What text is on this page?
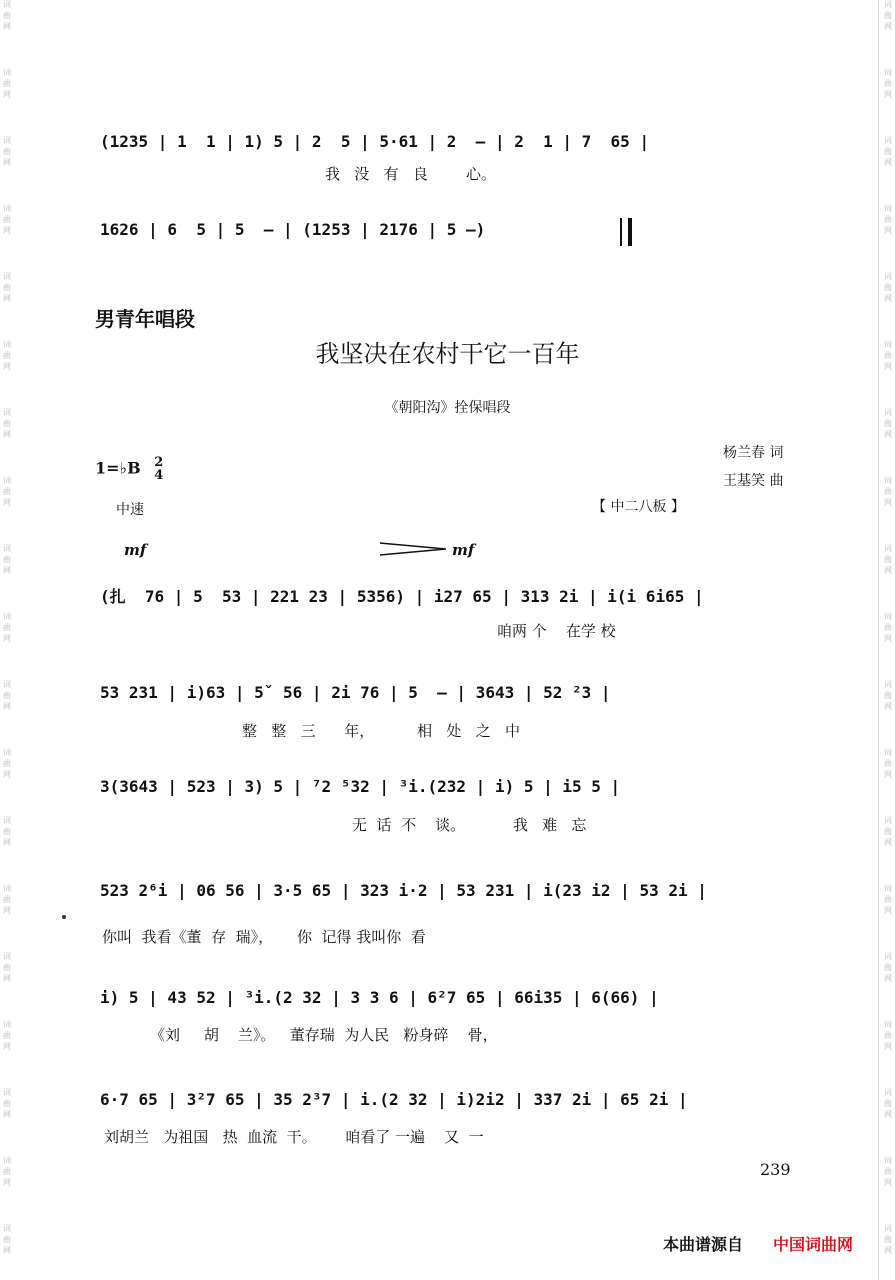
词
曲
网
词
曲
网
词
曲
网
词
曲
网
词
曲
网
词
曲
网
词
曲
网
词
曲
网
词
曲
网
词
曲
网
词
曲
网
词
曲
网
词
曲
网
词
曲
网
词
曲
网
词
曲
网
词
曲
网
词
曲
网
词
曲
网
词
曲
网
词
曲
网
词
曲
网
词
曲
网
词
曲
网
词
曲
网
词
曲
网
词
曲
网
词
曲
网
词
曲
网
词
曲
网
词
曲
网
词
曲
网
词
曲
网
词
曲
网
词
曲
网
词
曲
网
词
曲
网
词
曲
网
(1235 | 1  1 | 1) 5 | 2  5 | 5·61 | 2  — | 2  1 | 7  65 |
我   没   有   良        心。
1626 | 6  5 | 5  — | (1253 | 2176 | 5 —)
男青年唱段
我坚决在农村干它一百年
《朝阳沟》拴保唱段
杨兰春 词
王基笑 曲
1=♭B 2
4
中速	【 中二八板 】
mf	mf
(扎  76 | 5  53 | 221 23 | 5356) | i27 65 | 313 2i | i(i 6i65 |
咱两 个    在学 校
53 231 | i)63 | 5ˇ 56 | 2i 76 | 5  — | 3643 | 52 ²3 |
整   整   三      年，         相   处   之   中
3(3643 | 523 | 3) 5 | ⁷2 ⁵32 | ³i.(232 | i) 5 | i5 5 |
无  话  不    谈。          我   难   忘
523 2⁶i | 06 56 | 3·5 65 | 323 i·2 | 53 231 | i(23 i2 | 53 2i |
你叫  我看《董  存  瑞》，     你  记得 我叫你  看
i) 5 | 43 52 | ³i.(2 32 | 3 3 6 | 6²7 65 | 66i35 | 6(66) |
《刘     胡    兰》。   董存瑞  为人民   粉身碎    骨，
6·7 65 | 3²7 65 | 35 2³7 | i.(2 32 | i)2i2 | 337 2i | 65 2i |
刘胡兰   为祖国   热  血流  干。      咱看了 一遍    又  一
239
本曲谱源自 中国词曲网
